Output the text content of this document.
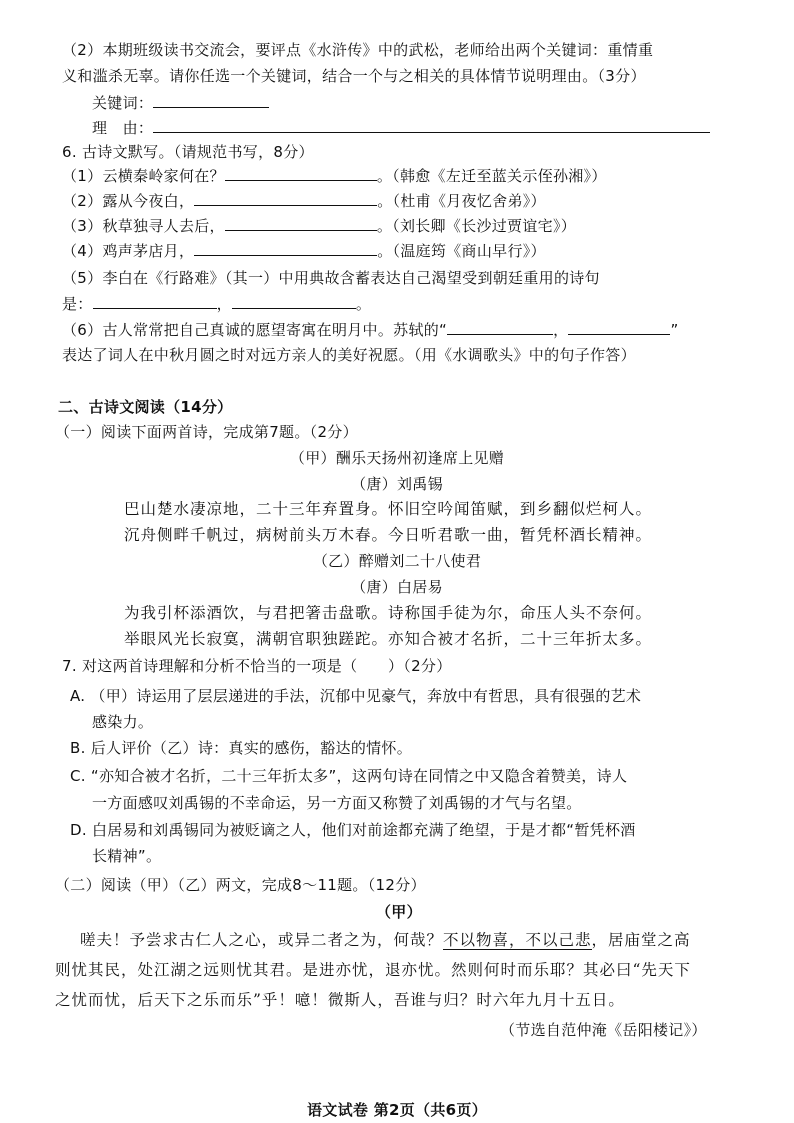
（2）本期班级读书交流会，要评点《水浒传》中的武松，老师给出两个关键词：重情重
义和滥杀无辜。请你任选一个关键词，结合一个与之相关的具体情节说明理由。（3分）
关键词：
理　由：
6. 古诗文默写。（请规范书写，8分）
（1）云横秦岭家何在？	。（韩愈《左迁至蓝关示侄孙湘》）
（2）露从今夜白，	。（杜甫《月夜忆舍弟》）
（3）秋草独寻人去后，	。（刘长卿《长沙过贾谊宅》）
（4）鸡声茅店月，	。（温庭筠《商山早行》）
（5）李白在《行路难》（其一）中用典故含蓄表达自己渴望受到朝廷重用的诗句
是：	，	。
（6）古人常常把自己真诚的愿望寄寓在明月中。苏轼的“	，	”
表达了词人在中秋月圆之时对远方亲人的美好祝愿。（用《水调歌头》中的句子作答）
二、古诗文阅读（14分）
（一）阅读下面两首诗，完成第7题。（2分）
（甲）酬乐天扬州初逢席上见赠
（唐）刘禹锡
巴山楚水凄凉地，二十三年弃置身。怀旧空吟闻笛赋，到乡翻似烂柯人。
沉舟侧畔千帆过，病树前头万木春。今日听君歌一曲，暂凭杯酒长精神。
（乙）醉赠刘二十八使君
（唐）白居易
为我引杯添酒饮，与君把箸击盘歌。诗称国手徒为尔，命压人头不奈何。
举眼风光长寂寞，满朝官职独蹉跎。亦知合被才名折，二十三年折太多。
7. 对这两首诗理解和分析不恰当的一项是（　　）（2分）
A. （甲）诗运用了层层递进的手法，沉郁中见豪气，奔放中有哲思，具有很强的艺术
感染力。
B. 后人评价（乙）诗：真实的感伤，豁达的情怀。
C. “亦知合被才名折，二十三年折太多”，这两句诗在同情之中又隐含着赞美，诗人
一方面感叹刘禹锡的不幸命运，另一方面又称赞了刘禹锡的才气与名望。
D. 白居易和刘禹锡同为被贬谪之人，他们对前途都充满了绝望，于是才都“暂凭杯酒
长精神”。
（二）阅读（甲）（乙）两文，完成8～11题。（12分）
（甲）
嗟夫！予尝求古仁人之心，或异二者之为，何哉？不以物喜，不以己悲，居庙堂之高
则忧其民，处江湖之远则忧其君。是进亦忧，退亦忧。然则何时而乐耶？其必曰“先天下
之忧而忧，后天下之乐而乐”乎！噫！微斯人，吾谁与归？时六年九月十五日。
（节选自范仲淹《岳阳楼记》）
语文试卷 第2页（共6页）
